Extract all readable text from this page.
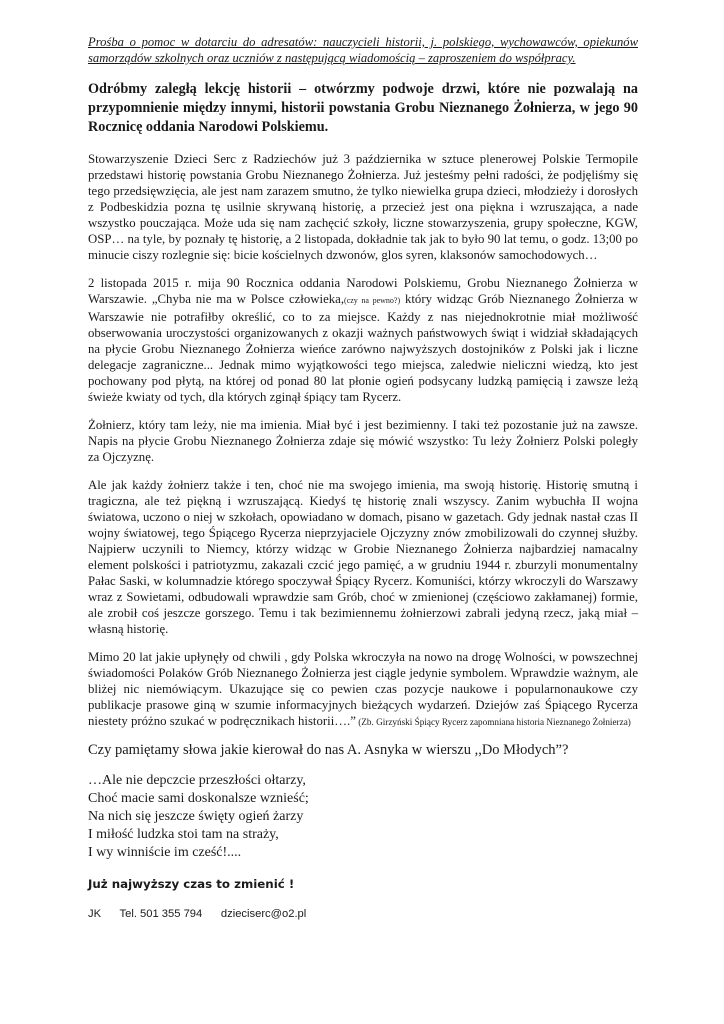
Prośba o pomoc w dotarciu do adresatów: nauczycieli historii, j. polskiego, wychowawców, opiekunów samorządów szkolnych oraz uczniów z następującą wiadomością – zaproszeniem do współpracy.

Odróbmy zaległą lekcję historii – otwórzmy podwoje drzwi, które nie pozwalają na przypomnienie między innymi, historii powstania Grobu Nieznanego Żołnierza, w jego 90 Rocznicę oddania Narodowi Polskiemu.

Stowarzyszenie Dzieci Serc z Radziechów już 3 października w sztuce plenerowej Polskie Termopile przedstawi historię powstania Grobu Nieznanego Żołnierza. Już jesteśmy pełni radości, że podjęliśmy się tego przedsięwzięcia, ale jest nam zarazem smutno, że tylko niewielka grupa dzieci, młodzieży i dorosłych z Podbeskidzia pozna tę usilnie skrywaną historię, a przecież jest ona piękna i wzruszająca, a nade wszystko pouczająca. Może uda się nam zachęcić szkoły, liczne stowarzyszenia, grupy społeczne, KGW, OSP… na tyle, by poznały tę historię, a 2 listopada, dokładnie tak jak to było 90 lat temu, o godz. 13;00 po minucie ciszy rozlegnie się: bicie kościelnych dzwonów, glos syren, klaksonów samochodowych…

2 listopada 2015 r. mija 90 Rocznica oddania Narodowi Polskiemu, Grobu Nieznanego Żołnierza w Warszawie. „Chyba nie ma w Polsce człowieka,(czy na pewno?) który widząc Grób Nieznanego Żołnierza w Warszawie nie potrafiłby określić, co to za miejsce. Każdy z nas niejednokrotnie miał możliwość obserwowania uroczystości organizowanych z okazji ważnych państwowych świąt i widział składających na płycie Grobu Nieznanego Żołnierza wieńce zarówno najwyższych dostojników z Polski jak i liczne delegacje zagraniczne... Jednak mimo wyjątkowości tego miejsca, zaledwie nieliczni wiedzą, kto jest pochowany pod płytą, na której od ponad 80 lat płonie ogień podsycany ludzką pamięcią i zawsze leżą świeże kwiaty od tych, dla których zginął śpiący tam Rycerz.

Żołnierz, który tam leży, nie ma imienia. Miał być i jest bezimienny. I taki też pozostanie już na zawsze. Napis na płycie Grobu Nieznanego Żołnierza zdaje się mówić wszystko: Tu leży Żołnierz Polski poległy za Ojczyznę.

Ale jak każdy żołnierz także i ten, choć nie ma swojego imienia, ma swoją historię. Historię smutną i tragiczna, ale też piękną i wzruszającą. Kiedyś tę historię znali wszyscy. Zanim wybuchła II wojna światowa, uczono o niej w szkołach, opowiadano w domach, pisano w gazetach. Gdy jednak nastał czas II wojny światowej, tego Śpiącego Rycerza nieprzyjaciele Ojczyzny znów zmobilizowali do czynnej służby. Najpierw uczynili to Niemcy, którzy widząc w Grobie Nieznanego Żołnierza najbardziej namacalny element polskości i patriotyzmu, zakazali czcić jego pamięć, a w grudniu 1944 r. zburzyli monumentalny Pałac Saski, w kolumnadzie którego spoczywał Śpiący Rycerz. Komuniści, którzy wkroczyli do Warszawy wraz z Sowietami, odbudowali wprawdzie sam Grób, choć w zmienionej (częściowo zakłamanej) formie, ale zrobił coś jeszcze gorszego. Temu i tak bezimiennemu żołnierzowi zabrali jedyną rzecz, jaką miał – własną historię.

Mimo 20 lat jakie upłynęły od chwili , gdy Polska wkroczyła na nowo na drogę Wolności, w powszechnej świadomości Polaków Grób Nieznanego Żołnierza jest ciągle jedynie symbolem. Wprawdzie ważnym, ale bliżej nic niemówiącym. Ukazujące się co pewien czas pozycje naukowe i popularnonaukowe czy publikacje prasowe giną w szumie informacyjnych bieżących wydarzeń. Dziejów zaś Śpiącego Rycerza niestety próżno szukać w podręcznikach historii….” (Zb. Girzyński Śpiący Rycerz zapomniana historia Nieznanego Żołnierza)

Czy pamiętamy słowa jakie kierował do nas A. Asnyka w wierszu ,,Do Młodych”?

…Ale nie depczcie przeszłości ołtarzy,
Choć macie sami doskonalsze wznieść;
Na nich się jeszcze święty ogień żarzy
I miłość ludzka stoi tam na straży,
I wy winniście im cześć!....

Już najwyższy czas to zmienić !

JK Tel. 501 355 794 dzieciserc@o2.pl
